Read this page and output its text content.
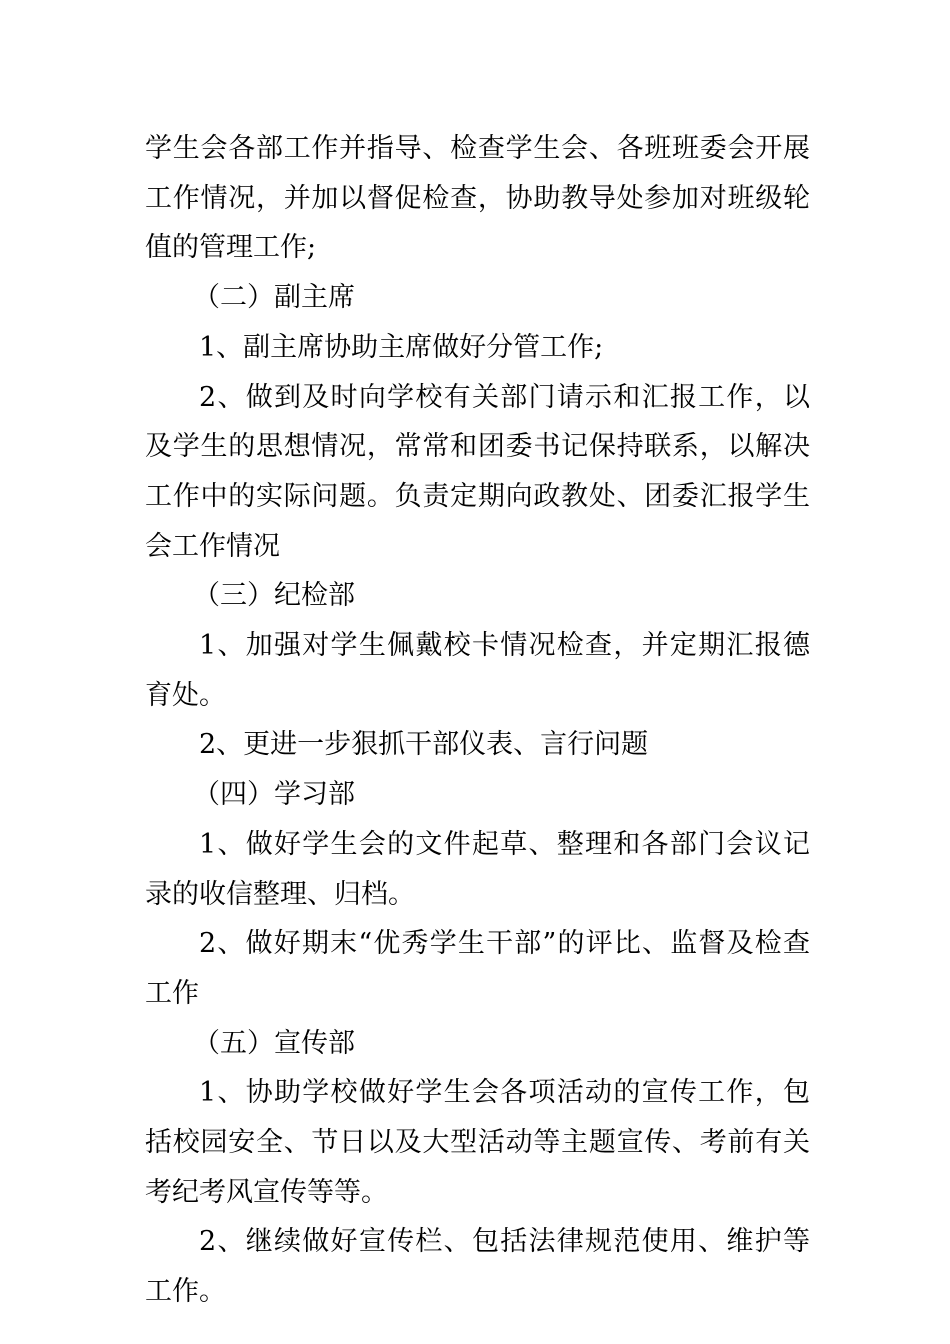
学生会各部工作并指导、检查学生会、各班班委会开展工作情况，并加以督促检查，协助教导处参加对班级轮值的管理工作;

（二）副主席

1、副主席协助主席做好分管工作;

2、做到及时向学校有关部门请示和汇报工作，以及学生的思想情况，常常和团委书记保持联系，以解决工作中的实际问题。负责定期向政教处、团委汇报学生会工作情况

（三）纪检部

1、加强对学生佩戴校卡情况检查，并定期汇报德育处。

2、更进一步狠抓干部仪表、言行问题

（四）学习部

1、做好学生会的文件起草、整理和各部门会议记录的收信整理、归档。

2、做好期末“优秀学生干部”的评比、监督及检查工作

（五）宣传部

1、协助学校做好学生会各项活动的宣传工作，包括校园安全、节日以及大型活动等主题宣传、考前有关考纪考风宣传等等。

2、继续做好宣传栏、包括法律规范使用、维护等工作。
